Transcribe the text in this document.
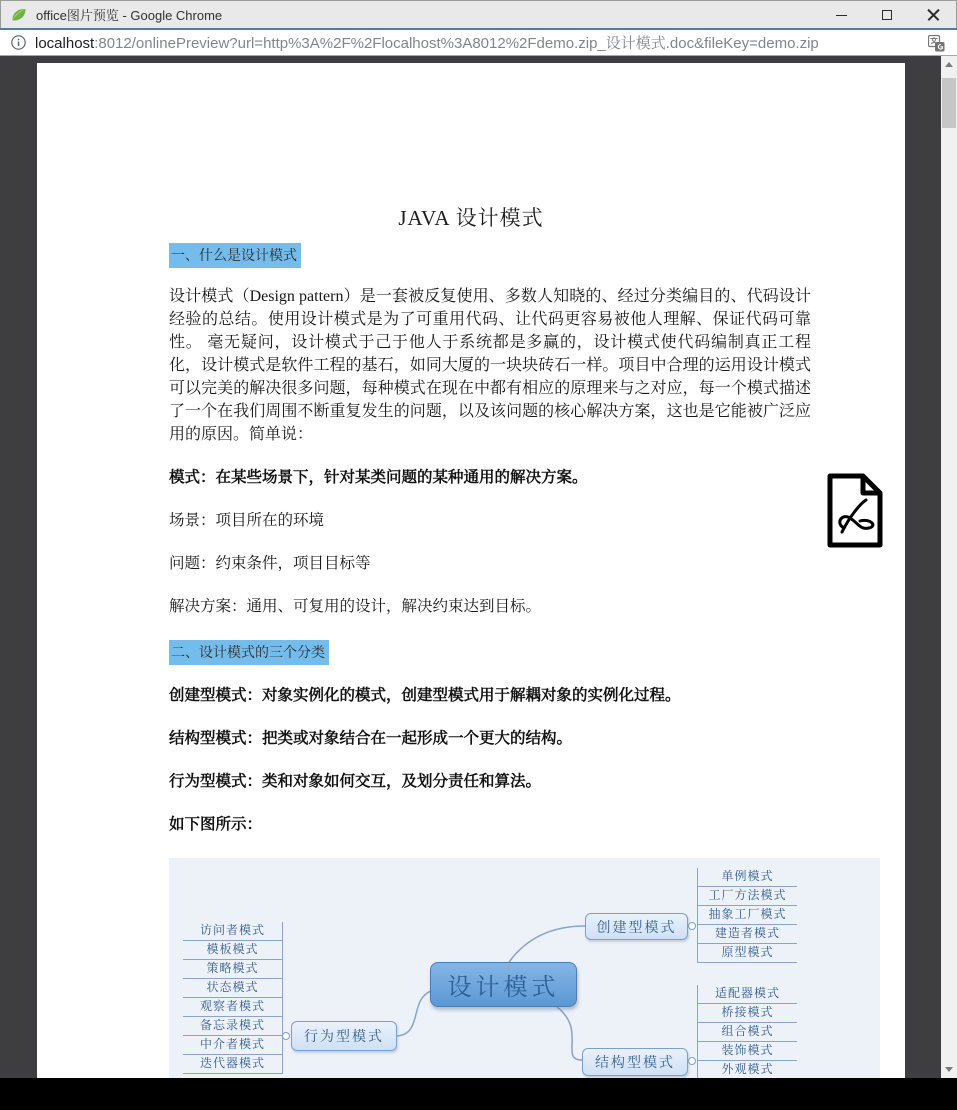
office图片预览 - Google Chrome
localhost:8012/onlinePreview?url=http%3A%2F%2Flocalhost%3A8012%2Fdemo.zip_设计模式.doc&fileKey=demo.zip
JAVA 设计模式
一、什么是设计模式
设计模式（Design pattern）是一套被反复使用、多数人知晓的、经过分类编目的、代码设计经验的总结。使用设计模式是为了可重用代码、让代码更容易被他人理解、保证代码可靠性。 毫无疑问，设计模式于己于他人于系统都是多赢的，设计模式使代码编制真正工程化，设计模式是软件工程的基石，如同大厦的一块块砖石一样。项目中合理的运用设计模式可以完美的解决很多问题，每种模式在现在中都有相应的原理来与之对应，每一个模式描述了一个在我们周围不断重复发生的问题，以及该问题的核心解决方案，这也是它能被广泛应用的原因。简单说：
模式：在某些场景下，针对某类问题的某种通用的解决方案。
场景：项目所在的环境
问题：约束条件，项目目标等
解决方案：通用、可复用的设计，解决约束达到目标。
二、设计模式的三个分类
创建型模式：对象实例化的模式，创建型模式用于解耦对象的实例化过程。
结构型模式：把类或对象结合在一起形成一个更大的结构。
行为型模式：类和对象如何交互，及划分责任和算法。
如下图所示：
设计模式
行为型模式
创建型模式
结构型模式
访问者模式
模板模式
策略模式
状态模式
观察者模式
备忘录模式
中介者模式
迭代器模式
单例模式
工厂方法模式
抽象工厂模式
建造者模式
原型模式
适配器模式
桥接模式
组合模式
装饰模式
外观模式
